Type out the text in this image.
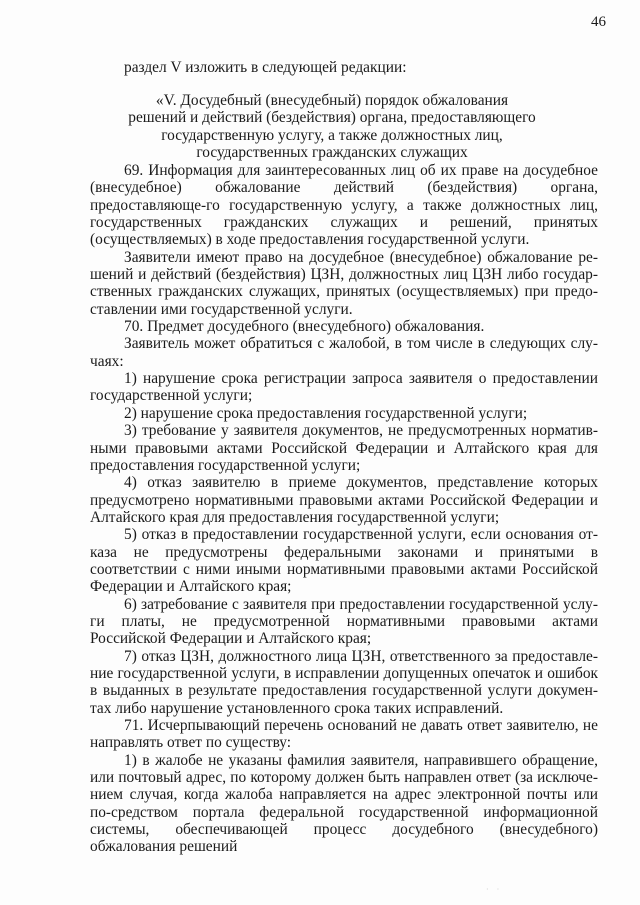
46
раздел V изложить в следующей редакции:
«V. Досудебный (внесудебный) порядок обжалования
решений и действий (бездействия) органа, предоставляющего
государственную услугу, а также должностных лиц,
государственных гражданских служащих

69. Информация для заинтересованных лиц об их праве на досудебное (внесудебное) обжалование действий (бездействия) органа, предоставляюще-го государственную услугу, а также должностных лиц, государственных гражданских служащих и решений, принятых (осуществляемых) в ходе предоставления государственной услуги.

Заявители имеют право на досудебное (внесудебное) обжалование ре-шений и действий (бездействия) ЦЗН, должностных лиц ЦЗН либо государ-ственных гражданских служащих, принятых (осуществляемых) при предо-ставлении ими государственной услуги.

70. Предмет досудебного (внесудебного) обжалования.

Заявитель может обратиться с жалобой, в том числе в следующих слу-чаях:

1) нарушение срока регистрации запроса заявителя о предоставлении государственной услуги;

2) нарушение срока предоставления государственной услуги;

3) требование у заявителя документов, не предусмотренных норматив-ными правовыми актами Российской Федерации и Алтайского края для предоставления государственной услуги;

4) отказ заявителю в приеме документов, представление которых предусмотрено нормативными правовыми актами Российской Федерации и Алтайского края для предоставления государственной услуги;

5) отказ в предоставлении государственной услуги, если основания от-каза не предусмотрены федеральными законами и принятыми в соответствии с ними иными нормативными правовыми актами Российской Федерации и Алтайского края;

6) затребование с заявителя при предоставлении государственной услу-ги платы, не предусмотренной нормативными правовыми актами Российской Федерации и Алтайского края;

7) отказ ЦЗН, должностного лица ЦЗН, ответственного за предоставле-ние государственной услуги, в исправлении допущенных опечаток и ошибок в выданных в результате предоставления государственной услуги докумен-тах либо нарушение установленного срока таких исправлений.

71. Исчерпывающий перечень оснований не давать ответ заявителю, не направлять ответ по существу:

1) в жалобе не указаны фамилия заявителя, направившего обращение, или почтовый адрес, по которому должен быть направлен ответ (за исключе-нием случая, когда жалоба направляется на адрес электронной почты или по-средством портала федеральной государственной информационной системы, обеспечивающей процесс досудебного (внесудебного) обжалования решений

· ·
